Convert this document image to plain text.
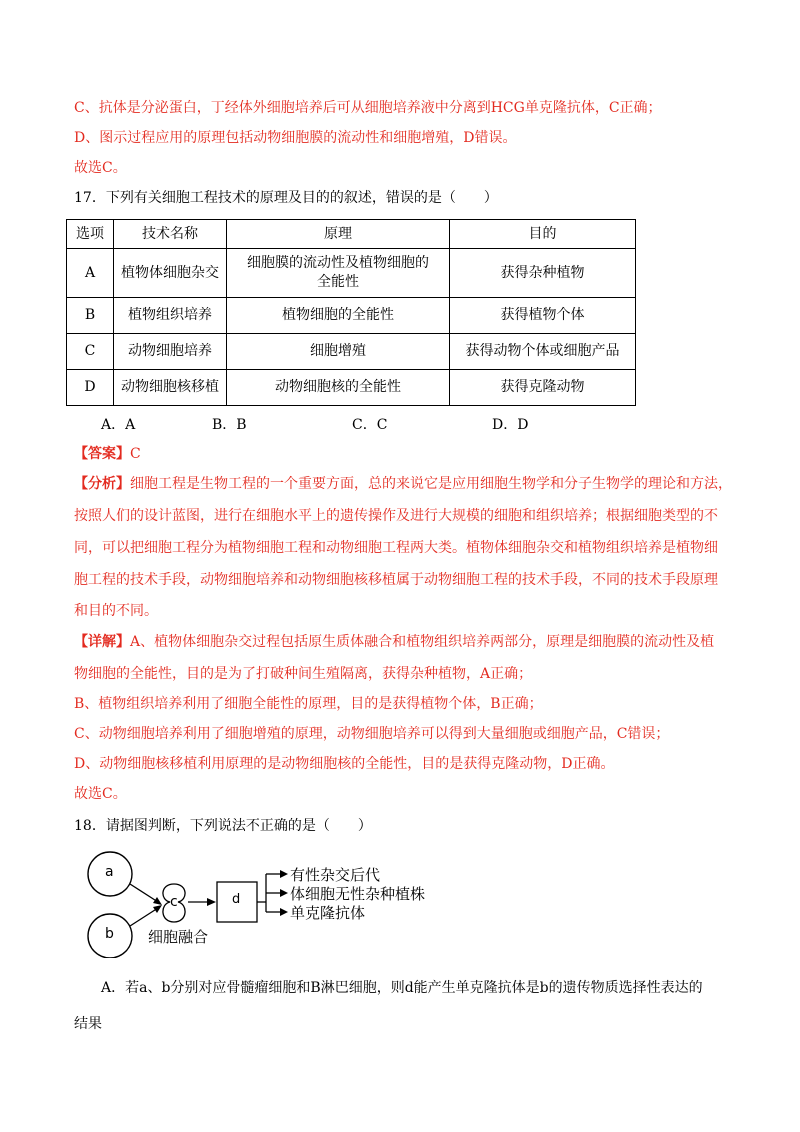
C、抗体是分泌蛋白，丁经体外细胞培养后可从细胞培养液中分离到HCG单克隆抗体，C正确；
D、图示过程应用的原理包括动物细胞膜的流动性和细胞增殖，D错误。
故选C。
17．下列有关细胞工程技术的原理及目的的叙述，错误的是（　　）
选项	技术名称	原理	目的
A	植物体细胞杂交	细胞膜的流动性及植物细胞的全能性	获得杂种植物
B	植物组织培养	植物细胞的全能性	获得植物个体
C	动物细胞培养	细胞增殖	获得动物个体或细胞产品
D	动物细胞核移植	动物细胞核的全能性	获得克隆动物
A．A	B．B	C．C	D．D
【答案】C
【分析】细胞工程是生物工程的一个重要方面，总的来说它是应用细胞生物学和分子生物学的理论和方法，
按照人们的设计蓝图，进行在细胞水平上的遗传操作及进行大规模的细胞和组织培养；根据细胞类型的不
同，可以把细胞工程分为植物细胞工程和动物细胞工程两大类。植物体细胞杂交和植物组织培养是植物细
胞工程的技术手段，动物细胞培养和动物细胞核移植属于动物细胞工程的技术手段，不同的技术手段原理
和目的不同。
【详解】A、植物体细胞杂交过程包括原生质体融合和植物组织培养两部分，原理是细胞膜的流动性及植
物细胞的全能性，目的是为了打破种间生殖隔离，获得杂种植物，A正确；
B、植物组织培养利用了细胞全能性的原理，目的是获得植物个体，B正确；
C、动物细胞培养利用了细胞增殖的原理，动物细胞培养可以得到大量细胞或细胞产品，C错误；
D、动物细胞核移植利用原理的是动物细胞核的全能性，目的是获得克隆动物，D正确。
故选C。
18．请据图判断，下列说法不正确的是（　　）
a
b
c	d
细胞融合
有性杂交后代
体细胞无性杂种植株
单克隆抗体
A．若a、b分别对应骨髓瘤细胞和B淋巴细胞，则d能产生单克隆抗体是b的遗传物质选择性表达的
结果
